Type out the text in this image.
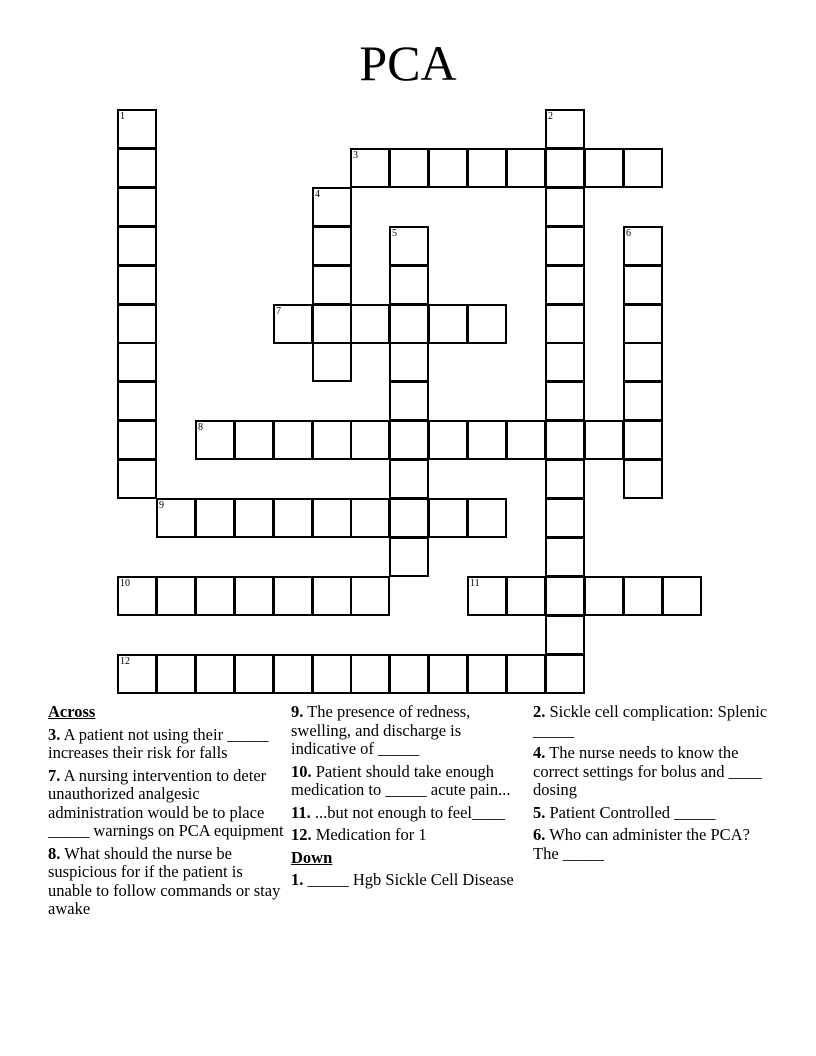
PCA
1	2
3
4
5	6
7
8
9
10	11
12
Across
3. A patient not using their _____ increases their risk for falls
7. A nursing intervention to deter unauthorized analgesic administration would be to place _____ warnings on PCA equipment
8. What should the nurse be suspicious for if the patient is unable to follow commands or stay awake
9. The presence of redness, swelling, and discharge is indicative of _____
10. Patient should take enough medication to _____ acute pain...
11. ...but not enough to feel____
12. Medication for 1
Down
1. _____ Hgb Sickle Cell Disease
2. Sickle cell complication: Splenic _____
4. The nurse needs to know the correct settings for bolus and ____ dosing
5. Patient Controlled _____
6. Who can administer the PCA? The _____
